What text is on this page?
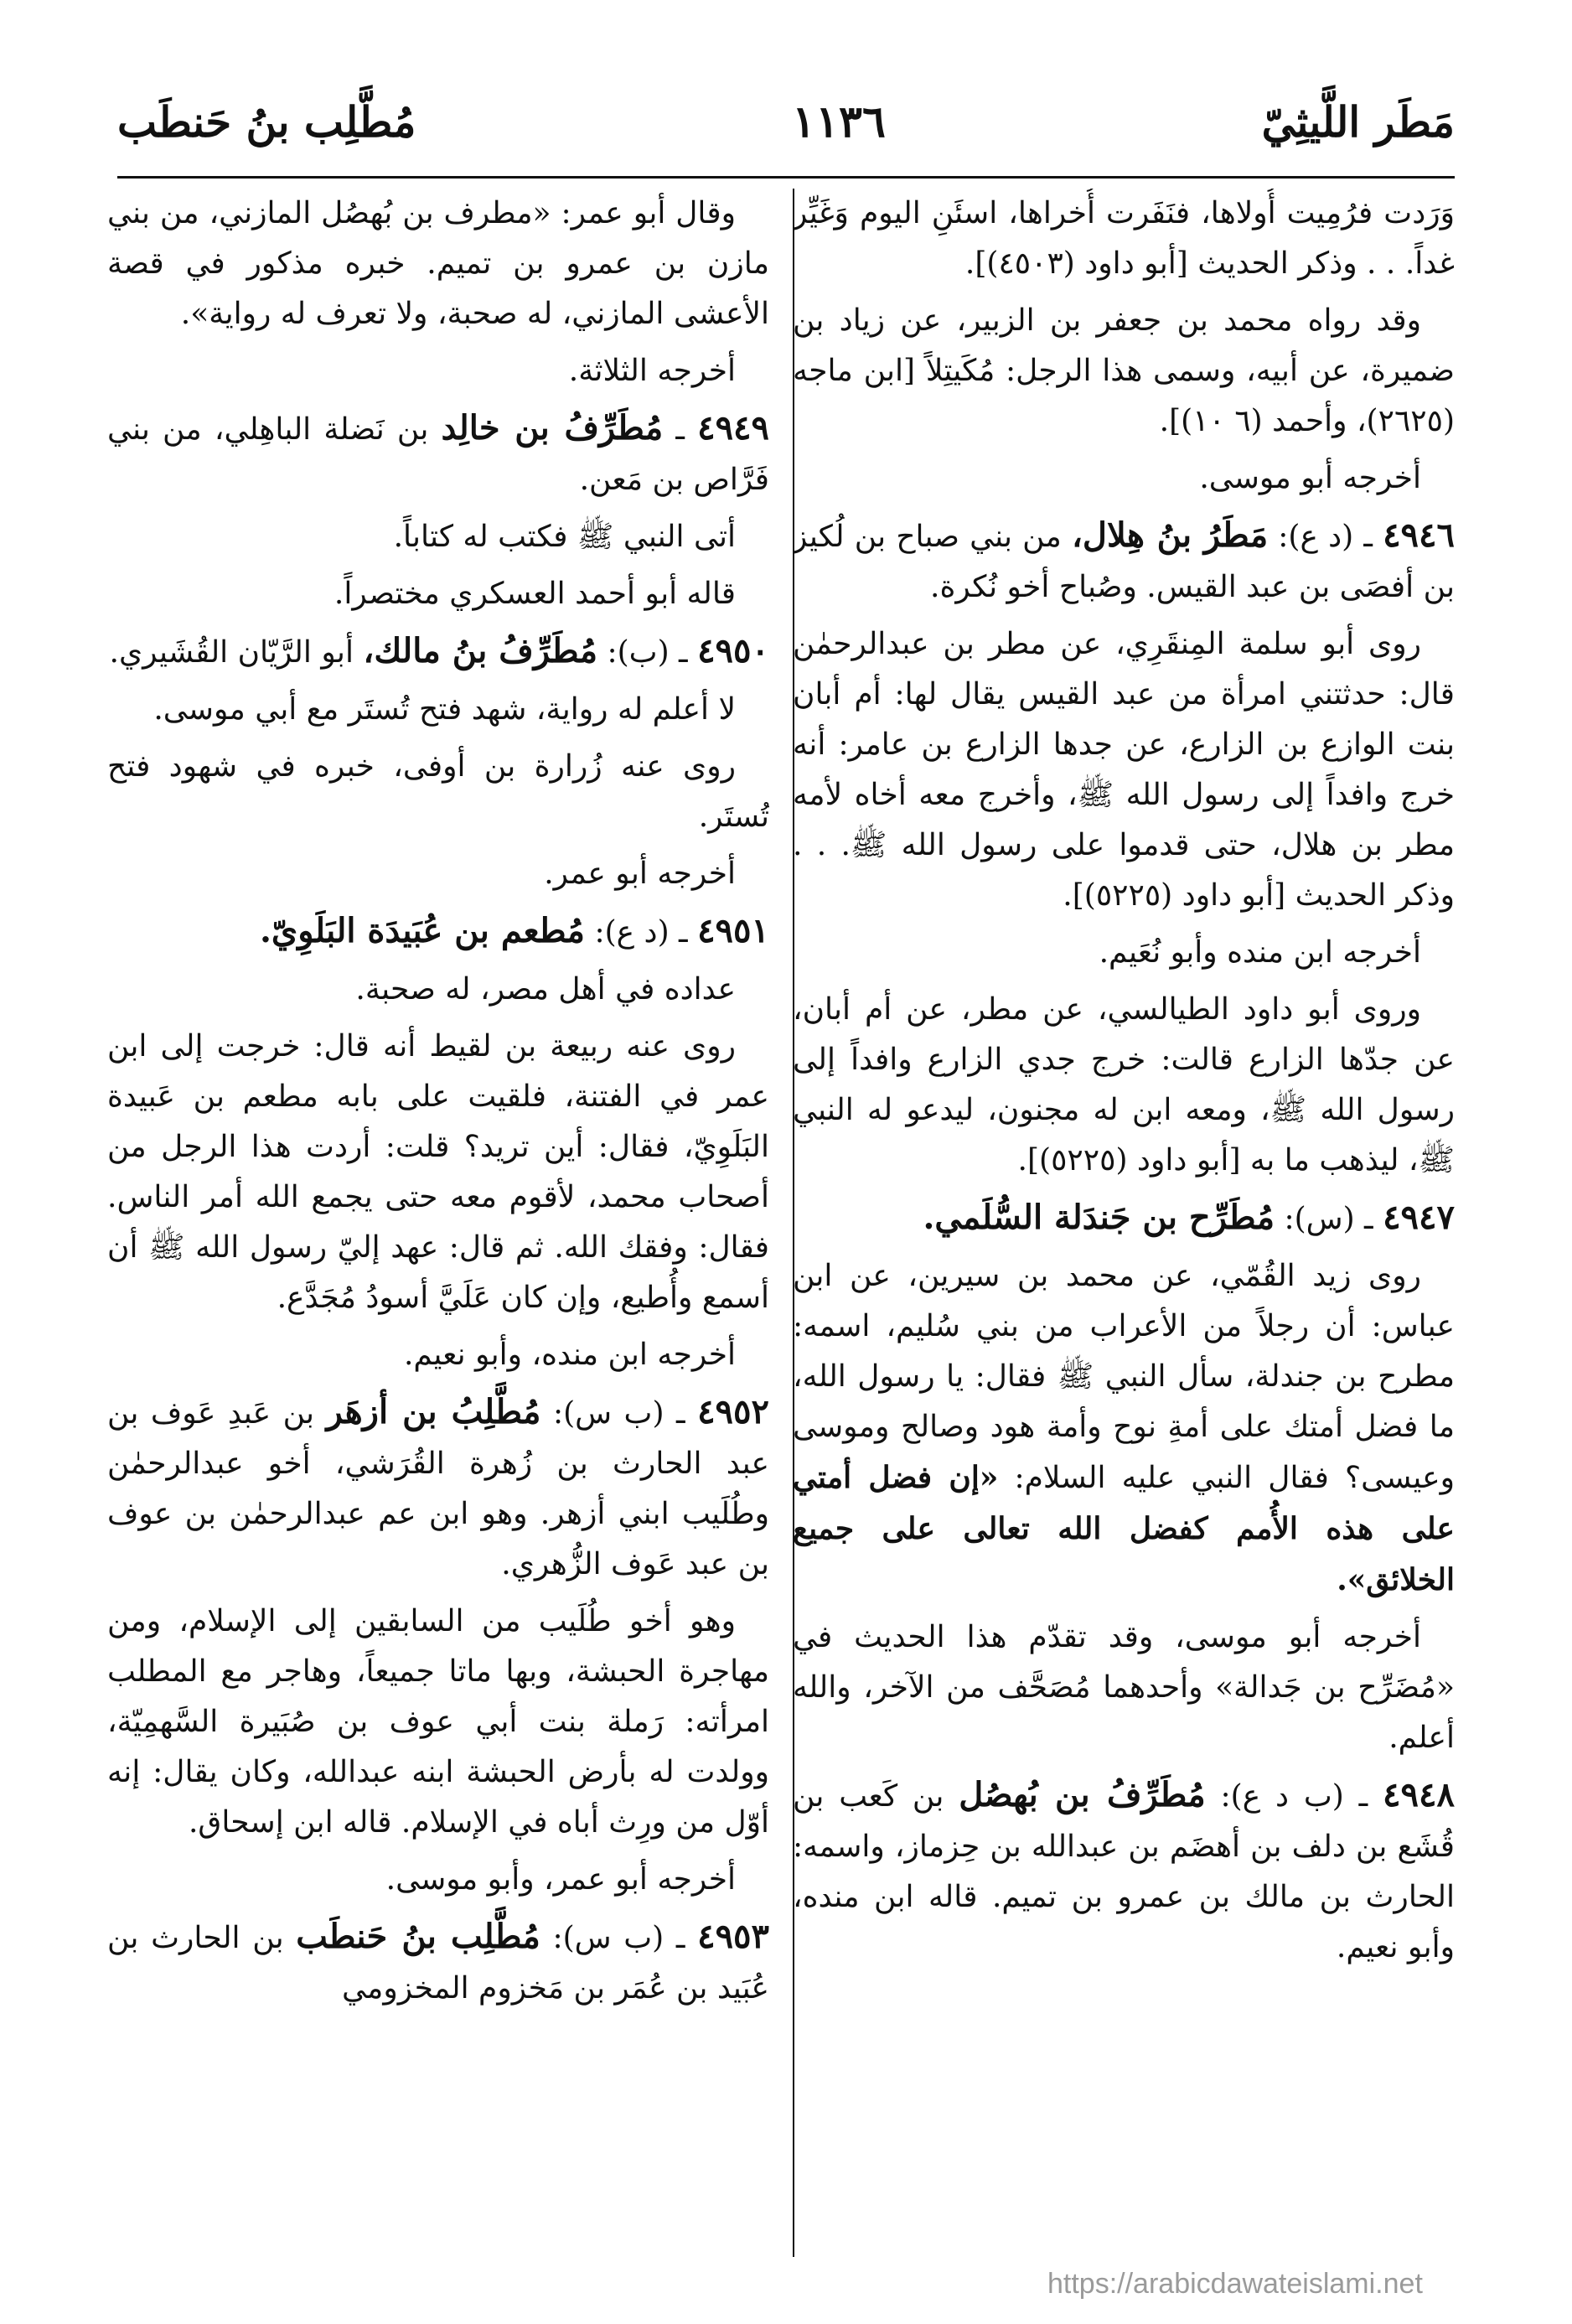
مَطَر اللَّيثِيّ
١١٣٦
مُطَّلِب بنُ حَنطَب

وَرَدت فرُمِيت أُولاها، فنَفَرت أُخراها، اسئَنِ اليوم وَغَيِّر غداً. . . وذكر الحديث [أبو داود (٤٥٠٣)].

وقد رواه محمد بن جعفر بن الزبير، عن زياد بن ضميرة، عن أبيه، وسمى هذا الرجل: مُكَيتِلاً [ابن ماجه (٢٦٢٥)، وأحمد (٦ ١٠)].

أخرجه أبو موسى.

٤٩٤٦ ـ (د ع): مَطَرُ بنُ هِلال، من بني صباح بن لُكيز بن أفصَى بن عبد القيس. وصُباح أخو نُكرة.

روى أبو سلمة المِنقَرِي، عن مطر بن عبدالرحمٰن قال: حدثتني امرأة من عبد القيس يقال لها: أم أبان بنت الوازع بن الزارع، عن جدها الزارع بن عامر: أنه خرج وافداً إلى رسول الله ﷺ، وأخرج معه أخاه لأمه مطر بن هلال، حتى قدموا على رسول الله ﷺ. . . وذكر الحديث [أبو داود (٥٢٢٥)].

أخرجه ابن منده وأبو نُعَيم.

وروى أبو داود الطيالسي، عن مطر، عن أم أبان، عن جدّها الزارع قالت: خرج جدي الزارع وافداً إلى رسول الله ﷺ، ومعه ابن له مجنون، ليدعو له النبي ﷺ، ليذهب ما به [أبو داود (٥٢٢٥)].

٤٩٤٧ ـ (س): مُطَرِّح بن جَندَلة السُّلَمي.

روى زيد القُمّي، عن محمد بن سيرين، عن ابن عباس: أن رجلاً من الأعراب من بني سُليم، اسمه: مطرح بن جندلة، سأل النبي ﷺ فقال: يا رسول الله، ما فضل أمتك على أمةِ نوح وأمة هود وصالح وموسى وعيسى؟ فقال النبي عليه السلام: «إن فضل أمتي على هذه الأُمم كفضل الله تعالى على جميع الخلائق».

أخرجه أبو موسى، وقد تقدّم هذا الحديث في «مُضَرِّح بن جَدالة» وأحدهما مُصَحَّف من الآخر، والله أعلم.

٤٩٤٨ ـ (ب د ع): مُطَرِّفُ بن بُهصُل بن كَعب بن قُشَع بن دلف بن أهضَم بن عبدالله بن حِزماز، واسمه: الحارث بن مالك بن عمرو بن تميم. قاله ابن منده، وأبو نعيم.

وقال أبو عمر: «مطرف بن بُهصُل المازني، من بني مازن بن عمرو بن تميم. خبره مذكور في قصة الأعشى المازني، له صحبة، ولا تعرف له رواية».

أخرجه الثلاثة.

٤٩٤٩ ـ مُطَرِّفُ بن خالِد بن نَضلة الباهِلي، من بني فَرَّاص بن مَعن.

أتى النبي ﷺ فكتب له كتاباً.

قاله أبو أحمد العسكري مختصراً.

٤٩٥٠ ـ (ب): مُطَرِّفُ بنُ مالك، أبو الرَّيّان القُشَيري.

لا أعلم له رواية، شهد فتح تُستَر مع أبي موسى.

روى عنه زُرارة بن أوفى، خبره في شهود فتح تُستَر.

أخرجه أبو عمر.

٤٩٥١ ـ (د ع): مُطعم بن عُبَيدَة البَلَوِيّ.

عداده في أهل مصر، له صحبة.

روى عنه ربيعة بن لقيط أنه قال: خرجت إلى ابن عمر في الفتنة، فلقيت على بابه مطعم بن عَبيدة البَلَوِيّ، فقال: أين تريد؟ قلت: أردت هذا الرجل من أصحاب محمد، لأقوم معه حتى يجمع الله أمر الناس. فقال: وفقك الله. ثم قال: عهد إليّ رسول الله ﷺ أن أسمع وأُطيع، وإن كان عَلَيَّ أسودُ مُجَدَّع.

أخرجه ابن منده، وأبو نعيم.

٤٩٥٢ ـ (ب س): مُطَّلِبُ بن أزهَر بن عَبدِ عَوف بن عبد الحارث بن زُهرة القُرَشي، أخو عبدالرحمٰن وطُلَيب ابني أزهر. وهو ابن عم عبدالرحمٰن بن عوف بن عبد عَوف الزُّهري.

وهو أخو طُلَيب من السابقين إلى الإسلام، ومن مهاجرة الحبشة، وبها ماتا جميعاً، وهاجر مع المطلب امرأته: رَملة بنت أبي عوف بن صُبَيرة السَّهمِيّة، وولدت له بأرض الحبشة ابنه عبدالله، وكان يقال: إنه أوّل من ورِث أباه في الإسلام. قاله ابن إسحاق.

أخرجه أبو عمر، وأبو موسى.

٤٩٥٣ ـ (ب س): مُطَّلِب بنُ حَنطَب بن الحارث بن عُبَيد بن عُمَر بن مَخزوم المخزومي
https://arabicdawateislami.net
